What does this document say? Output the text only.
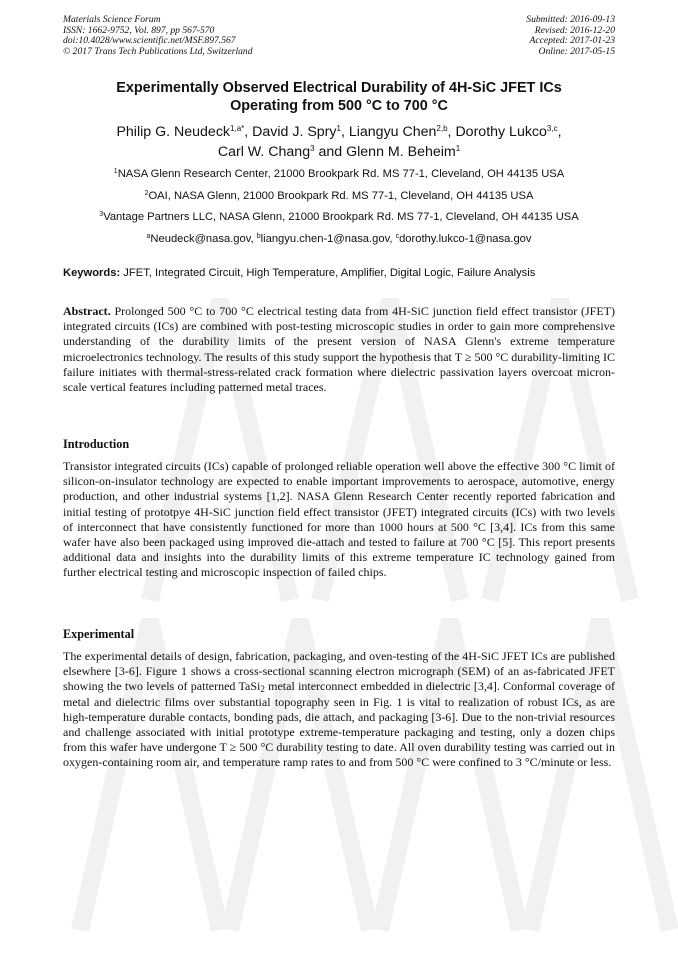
Materials Science Forum
ISSN: 1662-9752, Vol. 897, pp 567-570
doi:10.4028/www.scientific.net/MSF.897.567
© 2017 Trans Tech Publications Ltd, Switzerland
Submitted: 2016-09-13
Revised: 2016-12-20
Accepted: 2017-01-23
Online: 2017-05-15
Experimentally Observed Electrical Durability of 4H-SiC JFET ICs
Operating from 500 °C to 700 °C
Philip G. Neudeck$^{1,a*}$, David J. Spry$^1$, Liangyu Chen$^{2,b}$, Dorothy Lukco$^{3,c}$,
Carl W. Chang$^3$ and Glenn M. Beheim$^1$
$^1$NASA Glenn Research Center, 21000 Brookpark Rd. MS 77-1, Cleveland, OH 44135 USA
$^2$OAI, NASA Glenn, 21000 Brookpark Rd. MS 77-1, Cleveland, OH 44135 USA
$^3$Vantage Partners LLC, NASA Glenn, 21000 Brookpark Rd. MS 77-1, Cleveland, OH 44135 USA
$^a$Neudeck@nasa.gov, $^b$liangyu.chen-1@nasa.gov, $^c$dorothy.lukco-1@nasa.gov
Keywords: JFET, Integrated Circuit, High Temperature, Amplifier, Digital Logic, Failure Analysis

Abstract. Prolonged 500 °C to 700 °C electrical testing data from 4H-SiC junction field effect transistor (JFET) integrated circuits (ICs) are combined with post-testing microscopic studies in order to gain more comprehensive understanding of the durability limits of the present version of NASA Glenn's extreme temperature microelectronics technology. The results of this study support the hypothesis that T ≥ 500 °C durability-limiting IC failure initiates with thermal-stress-related crack formation where dielectric passivation layers overcoat micron-scale vertical features including patterned metal traces.

Introduction

Transistor integrated circuits (ICs) capable of prolonged reliable operation well above the effective 300 °C limit of silicon-on-insulator technology are expected to enable important improvements to aerospace, automotive, energy production, and other industrial systems [1,2]. NASA Glenn Research Center recently reported fabrication and initial testing of prototpye 4H-SiC junction field effect transistor (JFET) integrated circuits (ICs) with two levels of interconnect that have consistently functioned for more than 1000 hours at 500 °C [3,4]. ICs from this same wafer have also been packaged using improved die-attach and tested to failure at 700 °C [5]. This report presents additional data and insights into the durability limits of this extreme temperature IC technology gained from further electrical testing and microscopic inspection of failed chips.

Experimental

The experimental details of design, fabrication, packaging, and oven-testing of the 4H-SiC JFET ICs are published elsewhere [3-6]. Figure 1 shows a cross-sectional scanning electron micrograph (SEM) of an as-fabricated JFET showing the two levels of patterned TaSi$_2$ metal interconnect embedded in dielectric [3,4]. Conformal coverage of metal and dielectric films over substantial topography seen in Fig. 1 is vital to realization of robust ICs, as are high-temperature durable contacts, bonding pads, die attach, and packaging [3-6]. Due to the non-trivial resources and challenge associated with initial prototype extreme-temperature packaging and testing, only a dozen chips from this wafer have undergone T ≥ 500 °C durability testing to date. All oven durability testing was carried out in oxygen-containing room air, and temperature ramp rates to and from 500 °C were confined to 3 °C/minute or less.
